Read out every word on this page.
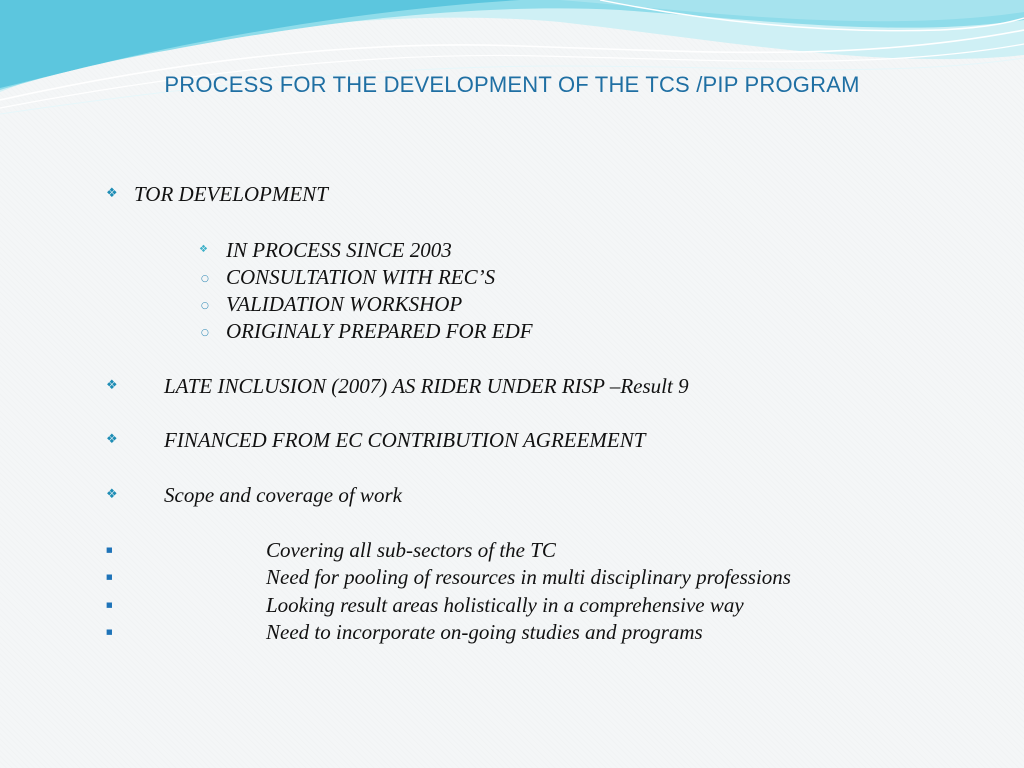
PROCESS FOR THE DEVELOPMENT OF THE TCS /PIP PROGRAM
❖ TOR DEVELOPMENT
❖ IN PROCESS SINCE 2003
○ CONSULTATION WITH REC’S
○ VALIDATION WORKSHOP
○ ORIGINALY PREPARED FOR EDF
❖ LATE INCLUSION (2007) AS RIDER UNDER RISP –Result 9
❖ FINANCED FROM EC CONTRIBUTION AGREEMENT
❖ Scope and coverage of work
■	Covering all sub-sectors of the TC
■	Need for pooling of resources in multi disciplinary professions
■	Looking result areas holistically in a comprehensive way
■	Need to incorporate on-going studies and programs
